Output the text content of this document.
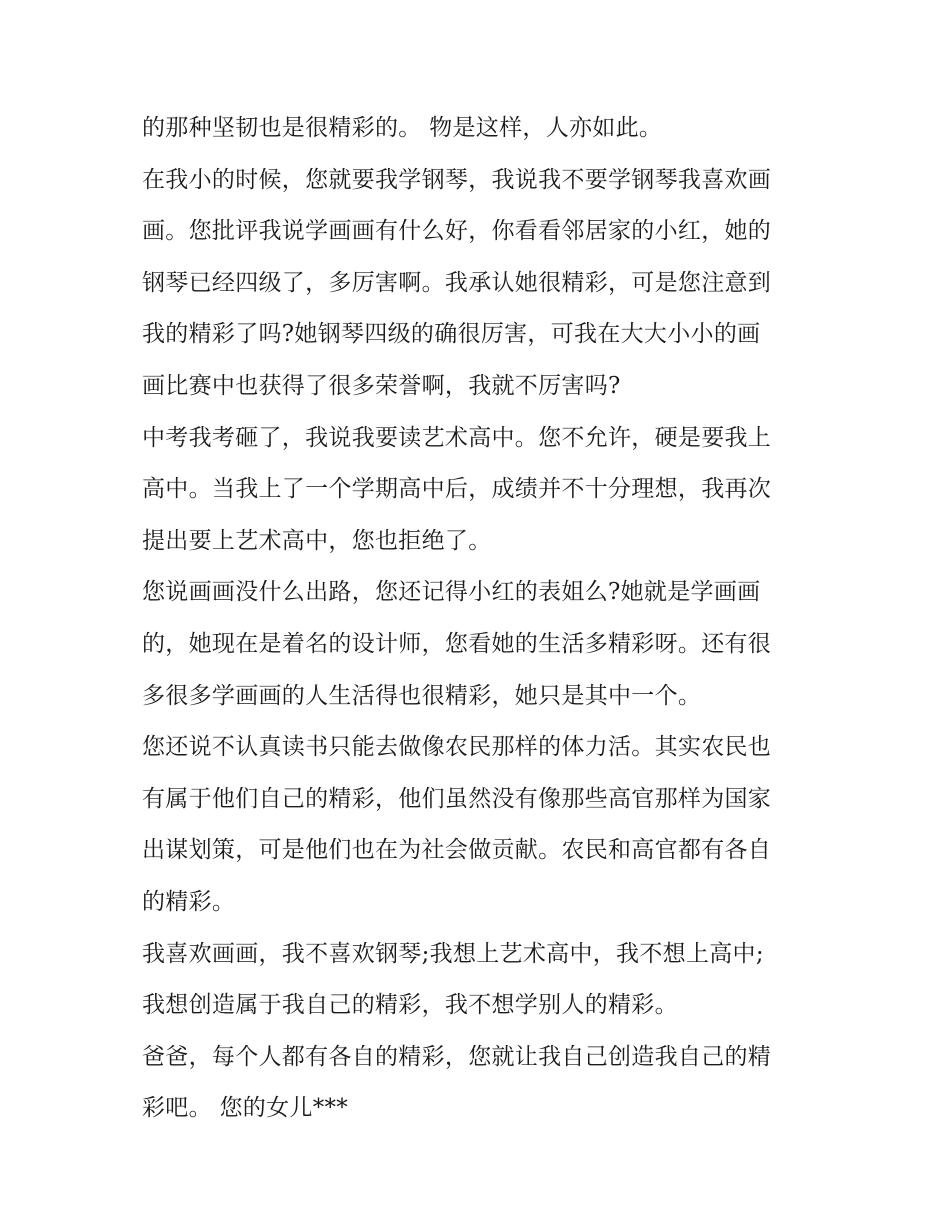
的那种坚韧也是很精彩的。 物是这样，人亦如此。
在我小的时候，您就要我学钢琴，我说我不要学钢琴我喜欢画
画。您批评我说学画画有什么好，你看看邻居家的小红，她的
钢琴已经四级了，多厉害啊。我承认她很精彩，可是您注意到
我的精彩了吗?她钢琴四级的确很厉害，可我在大大小小的画
画比赛中也获得了很多荣誉啊，我就不厉害吗?
中考我考砸了，我说我要读艺术高中。您不允许，硬是要我上
高中。当我上了一个学期高中后，成绩并不十分理想，我再次
提出要上艺术高中，您也拒绝了。
您说画画没什么出路，您还记得小红的表姐么?她就是学画画
的，她现在是着名的设计师，您看她的生活多精彩呀。还有很
多很多学画画的人生活得也很精彩，她只是其中一个。
您还说不认真读书只能去做像农民那样的体力活。其实农民也
有属于他们自己的精彩，他们虽然没有像那些高官那样为国家
出谋划策，可是他们也在为社会做贡献。农民和高官都有各自
的精彩。
我喜欢画画，我不喜欢钢琴;我想上艺术高中，我不想上高中;
我想创造属于我自己的精彩，我不想学别人的精彩。
爸爸，每个人都有各自的精彩，您就让我自己创造我自己的精
彩吧。 您的女儿***
